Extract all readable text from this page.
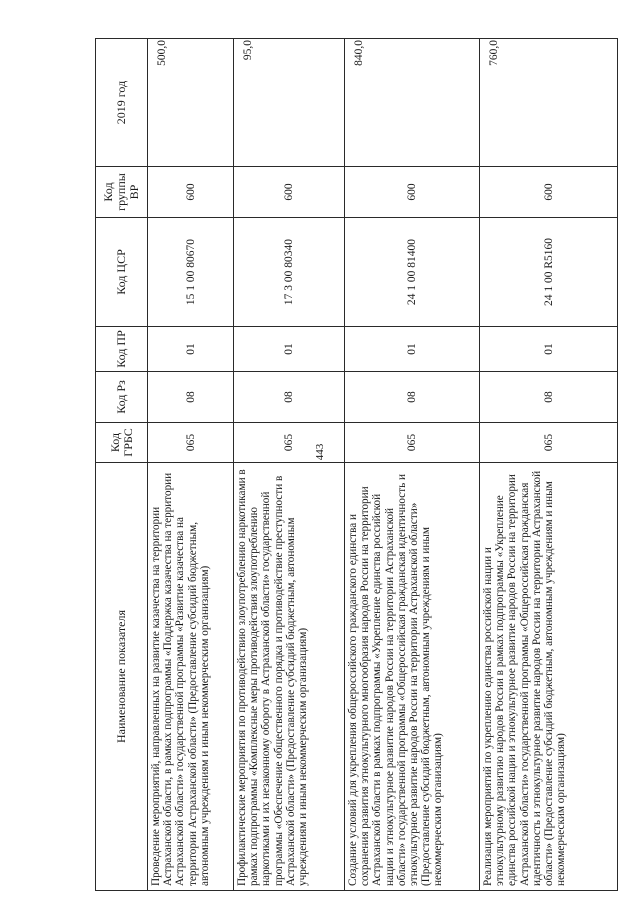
443
Наименование показателя	Код ГРБС	Код Рз	Код ПР	Код ЦСР	Код группы ВР	2019 год
Проведение мероприятий, направленных на развитие казачества на территории Астраханской области, в рамках подпрограммы «Поддержка казачества на территории Астраханской области» государственной программы «Развитие казачества на территории Астраханской области» (Предоставление субсидий бюджетным, автономным учреждениям и иным некоммерческим организациям)	065	08	01	15 1 00 80670	600	500,0
Профилактические мероприятия по противодействию злоупотреблению наркотиками в рамках подпрограммы «Комплексные меры противодействия злоупотреблению наркотиками и их незаконному обороту в Астраханской области» государственной программы «Обеспечение общественного порядка и противодействие преступности в Астраханской области» (Предоставление субсидий бюджетным, автономным учреждениям и иным некоммерческим организациям)	065	08	01	17 3 00 80340	600	95,0
Создание условий для укрепления общероссийского гражданского единства и сохранения развития этнокультурного многообразия народов России на территории Астраханской области в рамках подпрограммы «Укрепление единства российской нации и этнокультурное развитие народов России на территории Астраханской области» государственной программы «Общероссийская гражданская идентичность и этнокультурное развитие народов России на территории Астраханской области» (Предоставление субсидий бюджетным, автономным учреждениям и иным некоммерческим организациям)	065	08	01	24 1 00 81400	600	840,0
Реализация мероприятий по укреплению единства российской нации и этнокультурному развитию народов России в рамках подпрограммы «Укрепление единства российской нации и этнокультурное развитие народов России на территории Астраханской области» государственной программы «Общероссийская гражданская идентичность и этнокультурное развитие народов России на территории Астраханской области» (Предоставление субсидий бюджетным, автономным учреждениям и иным некоммерческим организациям)	065	08	01	24 1 00 R5160	600	760,0
